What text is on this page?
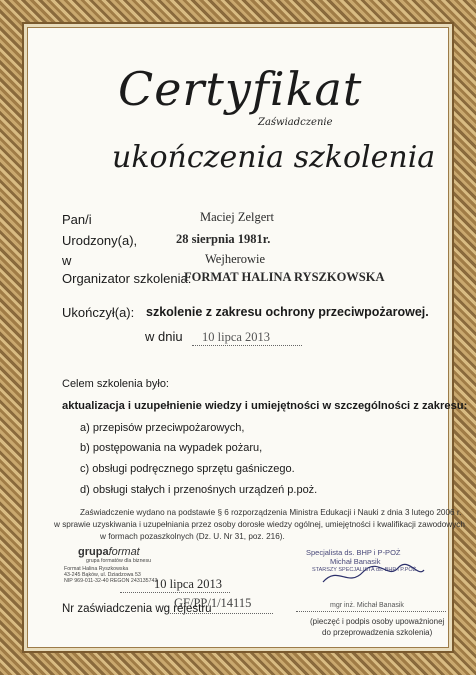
Certyfikat
Zaświadczenie
ukończenia szkolenia
Pan/i	Maciej Zelgert
Urodzony(a),	28 sierpnia 1981r.
w	Wejherowie
Organizator szkolenia:
FORMAT HALINA RYSZKOWSKA
Ukończył(a): szkolenie z zakresu ochrony przeciwpożarowej.
w dniu 10 lipca 2013
Celem szkolenia było:
aktualizacja i uzupełnienie wiedzy i umiejętności w szczególności z zakresu:
a) przepisów przeciwpożarowych,
b) postępowania na wypadek pożaru,
c) obsługi podręcznego sprzętu gaśniczego.
d) obsługi stałych i przenośnych urządzeń p.poż.
Zaświadczenie wydano na podstawie § 6 rozporządzenia Ministra Edukacji i Nauki z dnia 3 lutego 2006 r.
w sprawie uzyskiwania i uzupełniania przez osoby dorosłe wiedzy ogólnej, umiejętności i kwalifikacji zawodowych
w formach pozaszkolnych (Dz. U. Nr 31, poz. 216).
grupaformat
grupa formatów dla biznesu
Format Halina Ryszkowska
43-245 Bąków, ul. Dziadzowa 53
NIP 969-011-32-40 REGON 243135743
Specjalista ds. BHP i P-POŻ
Michał Banasik
STARSZY SPECJALISTA ds. BHP i P.POŻ.
mgr inż. Michał Banasik
10 lipca 2013
GF/PP/1/14115
Nr zaświadczenia wg rejestru
(pieczęć i podpis osoby upoważnionej
do przeprowadzenia szkolenia)
